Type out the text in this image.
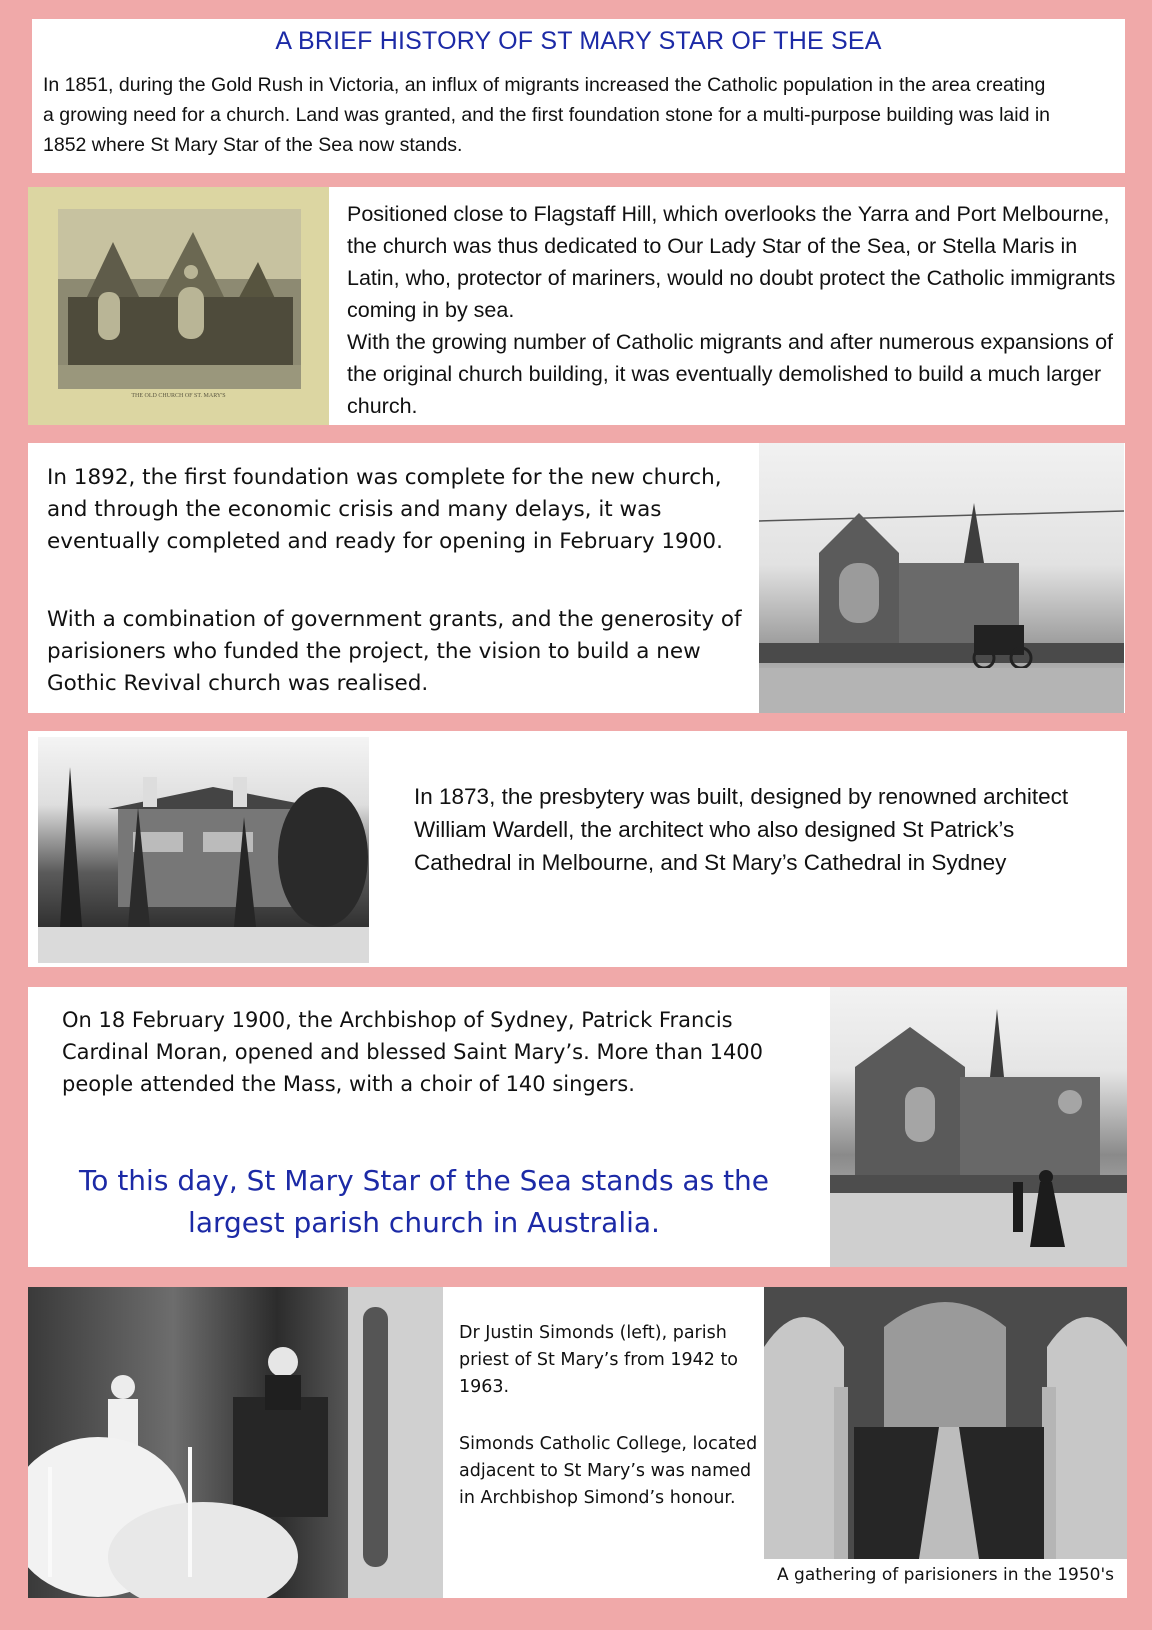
A BRIEF HISTORY OF ST MARY STAR OF THE SEA

In 1851, during the Gold Rush in Victoria, an influx of migrants increased the Catholic population in the area creating a growing need for a church. Land was granted, and the first foundation stone for a multi-purpose building was laid in 1852 where St Mary Star of the Sea now stands.

THE OLD CHURCH OF ST. MARY'S

Positioned close to Flagstaff Hill, which overlooks the Yarra and Port Melbourne, the church was thus dedicated to Our Lady Star of the Sea, or Stella Maris in Latin, who, protector of mariners, would no doubt protect the Catholic immigrants coming in by sea.

With the growing number of Catholic migrants and after numerous expansions of the original church building, it was eventually demolished to build a much larger church.

In 1892, the first foundation was complete for the new church, and through the economic crisis and many delays, it was eventually completed and ready for opening in February 1900.

With a combination of government grants, and the generosity of parisioners who funded the project, the vision to build a new Gothic Revival church was realised.

In 1873, the presbytery was built, designed by renowned architect William Wardell, the architect who also designed St Patrick’s Cathedral in Melbourne, and St Mary’s Cathedral in Sydney

On 18 February 1900, the Archbishop of Sydney, Patrick Francis Cardinal Moran, opened and blessed Saint Mary’s. More than 1400 people attended the Mass, with a choir of 140 singers.

To this day, St Mary Star of the Sea stands as the largest parish church in Australia.

Dr Justin Simonds (left), parish priest of St Mary’s from 1942 to 1963.

Simonds Catholic College, located adjacent to St Mary’s was named in Archbishop Simond’s honour.

A gathering of parisioners in the 1950's
